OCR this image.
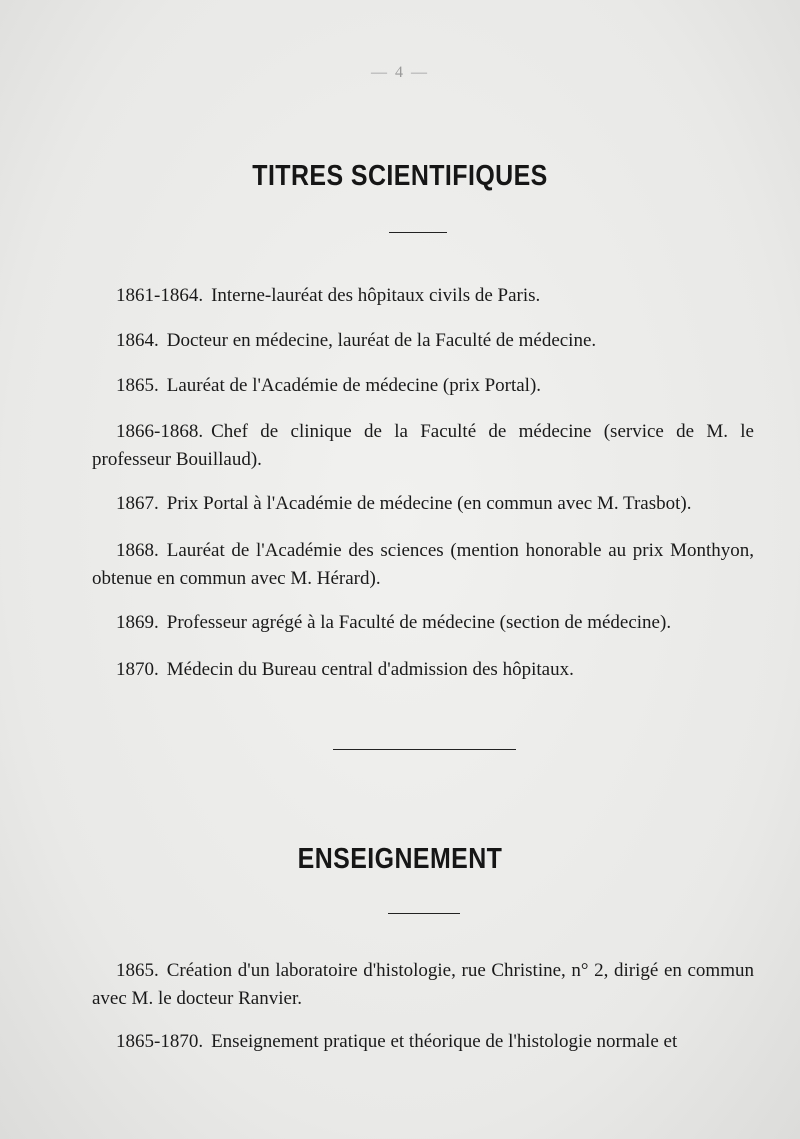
— 4 —
TITRES SCIENTIFIQUES
1861-1864. Interne-lauréat des hôpitaux civils de Paris.
1864. Docteur en médecine, lauréat de la Faculté de médecine.
1865. Lauréat de l'Académie de médecine (prix Portal).
1866-1868. Chef de clinique de la Faculté de médecine (service de M. le professeur Bouillaud).
1867. Prix Portal à l'Académie de médecine (en commun avec M. Trasbot).
1868. Lauréat de l'Académie des sciences (mention honorable au prix Monthyon, obtenue en commun avec M. Hérard).
1869. Professeur agrégé à la Faculté de médecine (section de médecine).
1870. Médecin du Bureau central d'admission des hôpitaux.
ENSEIGNEMENT
1865. Création d'un laboratoire d'histologie, rue Christine, n° 2, dirigé en commun avec M. le docteur Ranvier.
1865-1870. Enseignement pratique et théorique de l'histologie normale et
